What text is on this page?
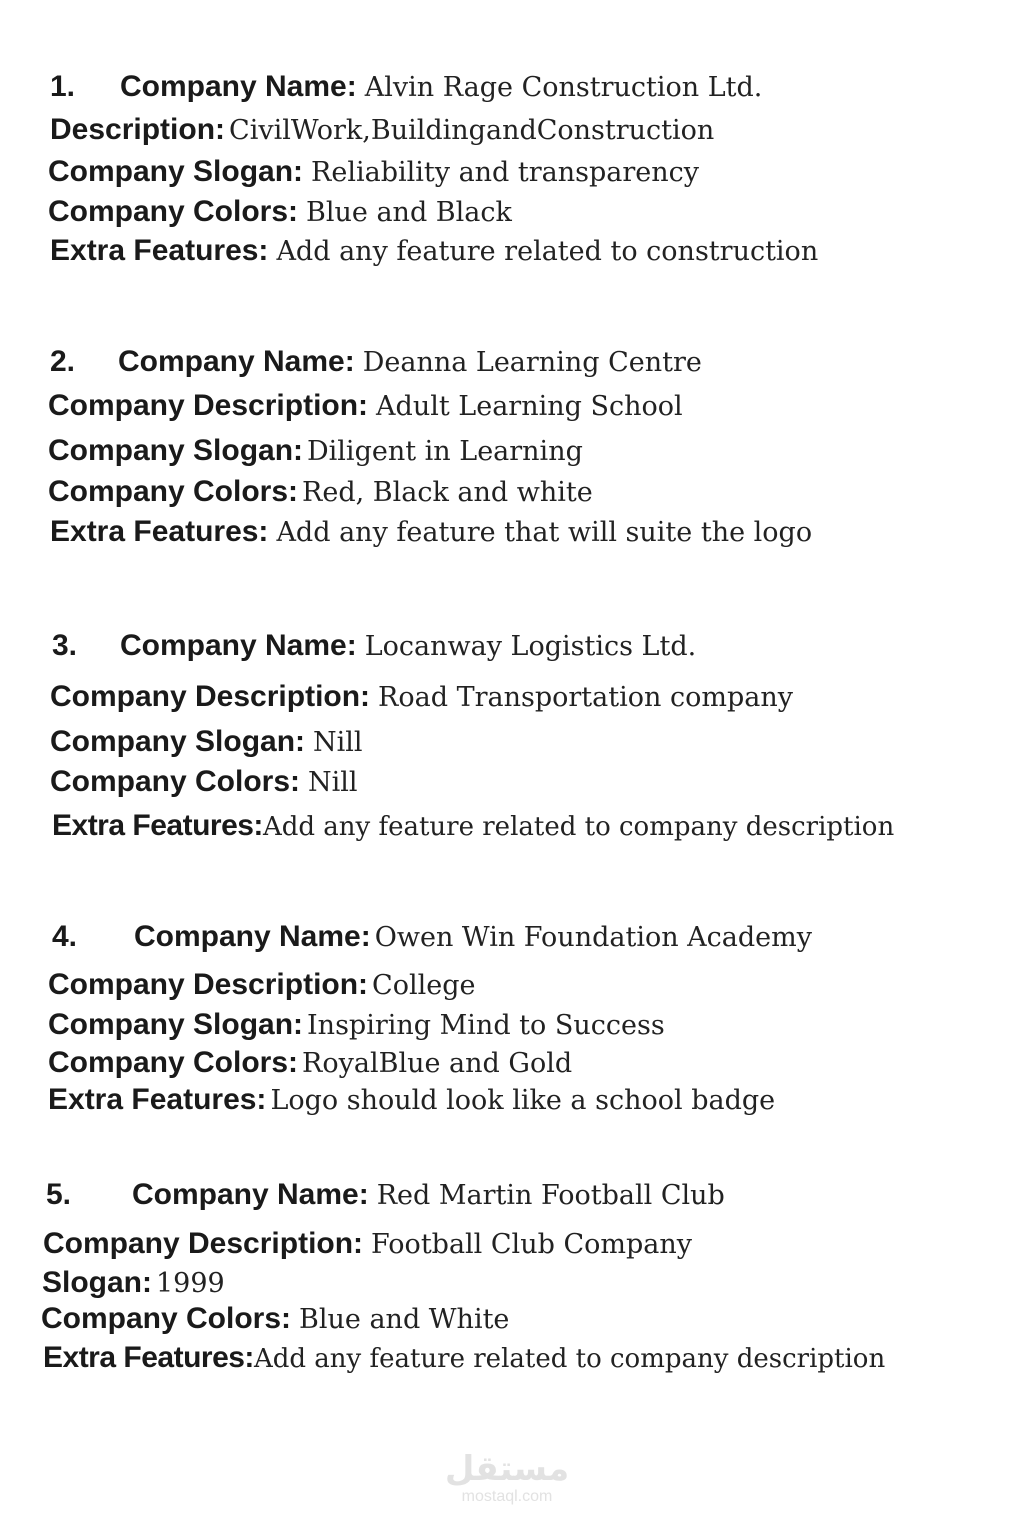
1. Company Name: Alvin Rage Construction Ltd.
Description: CivilWork,BuildingandConstruction
Company Slogan: Reliability and transparency
Company Colors: Blue and Black
Extra Features: Add any feature related to construction
2. Company Name: Deanna Learning Centre
Company Description: Adult Learning School
Company Slogan: Diligent in Learning
Company Colors: Red, Black and white
Extra Features: Add any feature that will suite the logo
3. Company Name: Locanway Logistics Ltd.
Company Description: Road Transportation company
Company Slogan: Nill
Company Colors: Nill
Extra Features:Add any feature related to company description
4. Company Name: Owen Win Foundation Academy
Company Description: College
Company Slogan: Inspiring Mind to Success
Company Colors: RoyalBlue and Gold
Extra Features: Logo should look like a school badge
5. Company Name: Red Martin Football Club
Company Description: Football Club Company
Slogan: 1999
Company Colors: Blue and White
Extra Features:Add any feature related to company description
مستقل
mostaql.com
